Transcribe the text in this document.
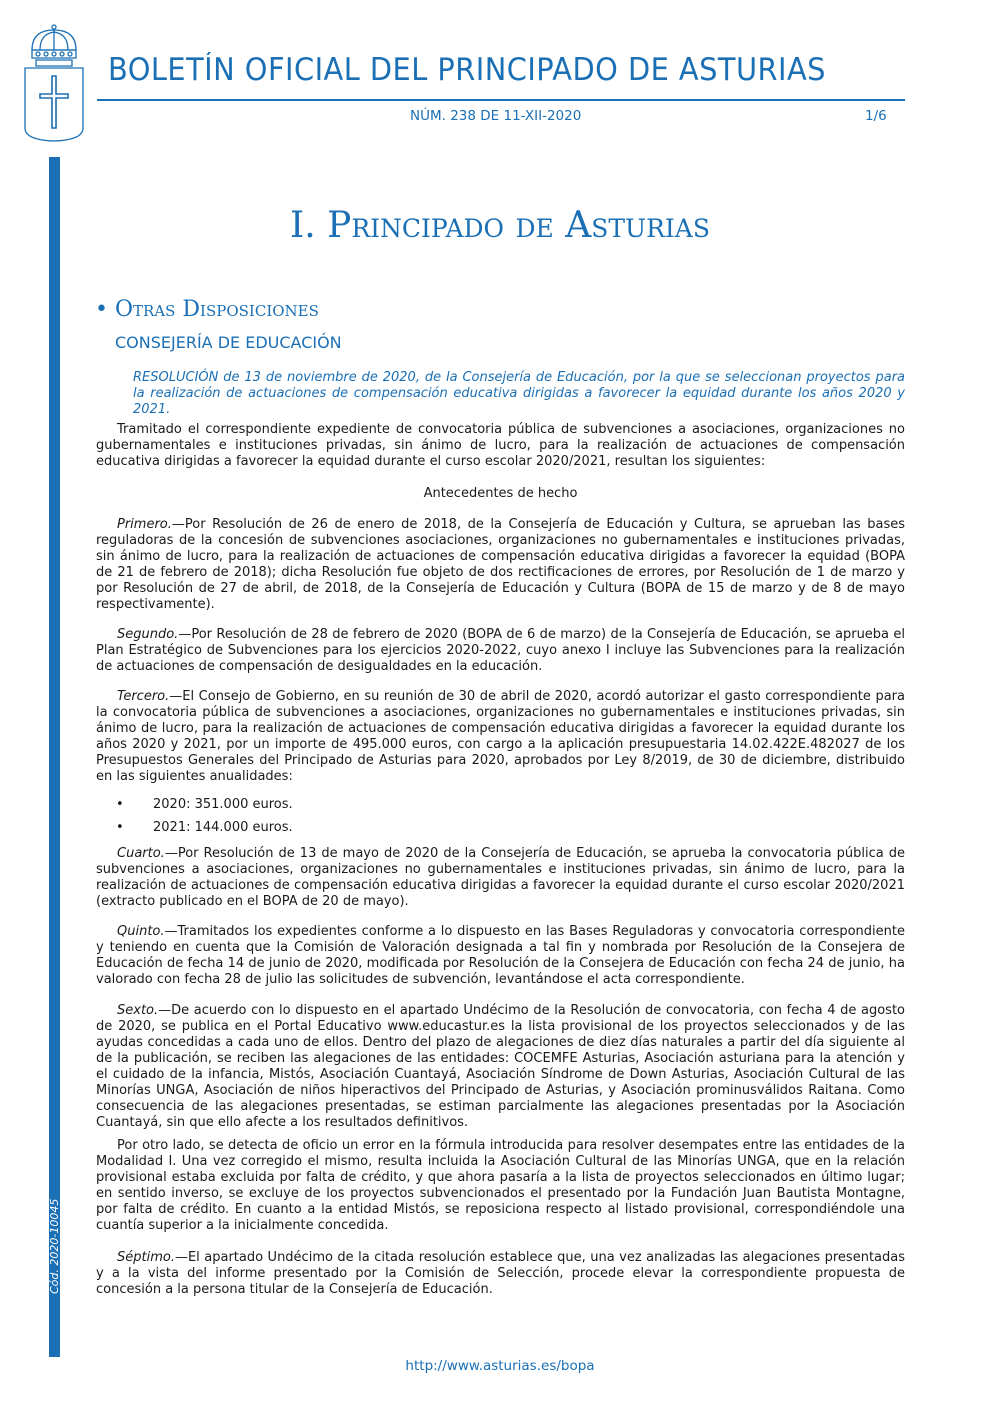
BOLETÍN OFICIAL DEL PRINCIPADO DE ASTURIAS
NÚM. 238 DE 11-XII-2020	1/6
Cód. 2020-10045
I. Principado de Asturias
• Otras Disposiciones
CONSEJERÍA DE EDUCACIÓN
RESOLUCIÓN de 13 de noviembre de 2020, de la Consejería de Educación, por la que se seleccionan proyectos para la realización de actuaciones de compensación educativa dirigidas a favorecer la equidad durante los años 2020 y 2021.
Tramitado el correspondiente expediente de convocatoria pública de subvenciones a asociaciones, organizaciones no gubernamentales e instituciones privadas, sin ánimo de lucro, para la realización de actuaciones de compensación educativa dirigidas a favorecer la equidad durante el curso escolar 2020/2021, resultan los siguientes:
Antecedentes de hecho
Primero.—Por Resolución de 26 de enero de 2018, de la Consejería de Educación y Cultura, se aprueban las bases reguladoras de la concesión de subvenciones asociaciones, organizaciones no gubernamentales e instituciones privadas, sin ánimo de lucro, para la realización de actuaciones de compensación educativa dirigidas a favorecer la equidad (BOPA de 21 de febrero de 2018); dicha Resolución fue objeto de dos rectificaciones de errores, por Resolución de 1 de marzo y por Resolución de 27 de abril, de 2018, de la Consejería de Educación y Cultura (BOPA de 15 de marzo y de 8 de mayo respectivamente).
Segundo.—Por Resolución de 28 de febrero de 2020 (BOPA de 6 de marzo) de la Consejería de Educación, se aprueba el Plan Estratégico de Subvenciones para los ejercicios 2020-2022, cuyo anexo I incluye las Subvenciones para la realización de actuaciones de compensación de desigualdades en la educación.
Tercero.—El Consejo de Gobierno, en su reunión de 30 de abril de 2020, acordó autorizar el gasto correspondiente para la convocatoria pública de subvenciones a asociaciones, organizaciones no gubernamentales e instituciones privadas, sin ánimo de lucro, para la realización de actuaciones de compensación educativa dirigidas a favorecer la equidad durante los años 2020 y 2021, por un importe de 495.000 euros, con cargo a la aplicación presupuestaria 14.02.422E.482027 de los Presupuestos Generales del Principado de Asturias para 2020, aprobados por Ley 8/2019, de 30 de diciembre, distribuido en las siguientes anualidades:
• 2020: 351.000 euros.
• 2021: 144.000 euros.
Cuarto.—Por Resolución de 13 de mayo de 2020 de la Consejería de Educación, se aprueba la convocatoria pública de subvenciones a asociaciones, organizaciones no gubernamentales e instituciones privadas, sin ánimo de lucro, para la realización de actuaciones de compensación educativa dirigidas a favorecer la equidad durante el curso escolar 2020/2021 (extracto publicado en el BOPA de 20 de mayo).
Quinto.—Tramitados los expedientes conforme a lo dispuesto en las Bases Reguladoras y convocatoria correspondiente y teniendo en cuenta que la Comisión de Valoración designada a tal fin y nombrada por Resolución de la Consejera de Educación de fecha 14 de junio de 2020, modificada por Resolución de la Consejera de Educación con fecha 24 de junio, ha valorado con fecha 28 de julio las solicitudes de subvención, levantándose el acta correspondiente.
Sexto.—De acuerdo con lo dispuesto en el apartado Undécimo de la Resolución de convocatoria, con fecha 4 de agosto de 2020, se publica en el Portal Educativo www.educastur.es la lista provisional de los proyectos seleccionados y de las ayudas concedidas a cada uno de ellos. Dentro del plazo de alegaciones de diez días naturales a partir del día siguiente al de la publicación, se reciben las alegaciones de las entidades: COCEMFE Asturias, Asociación asturiana para la atención y el cuidado de la infancia, Mistós, Asociación Cuantayá, Asociación Síndrome de Down Asturias, Asociación Cultural de las Minorías UNGA, Asociación de niños hiperactivos del Principado de Asturias, y Asociación prominusválidos Raitana. Como consecuencia de las alegaciones presentadas, se estiman parcialmente las alegaciones presentadas por la Asociación Cuantayá, sin que ello afecte a los resultados definitivos.
Por otro lado, se detecta de oficio un error en la fórmula introducida para resolver desempates entre las entidades de la Modalidad I. Una vez corregido el mismo, resulta incluida la Asociación Cultural de las Minorías UNGA, que en la relación provisional estaba excluida por falta de crédito, y que ahora pasaría a la lista de proyectos seleccionados en último lugar; en sentido inverso, se excluye de los proyectos subvencionados el presentado por la Fundación Juan Bautista Montagne, por falta de crédito. En cuanto a la entidad Mistós, se reposiciona respecto al listado provisional, correspondiéndole una cuantía superior a la inicialmente concedida.
Séptimo.—El apartado Undécimo de la citada resolución establece que, una vez analizadas las alegaciones presentadas y a la vista del informe presentado por la Comisión de Selección, procede elevar la correspondiente propuesta de concesión a la persona titular de la Consejería de Educación.
http://www.asturias.es/bopa
